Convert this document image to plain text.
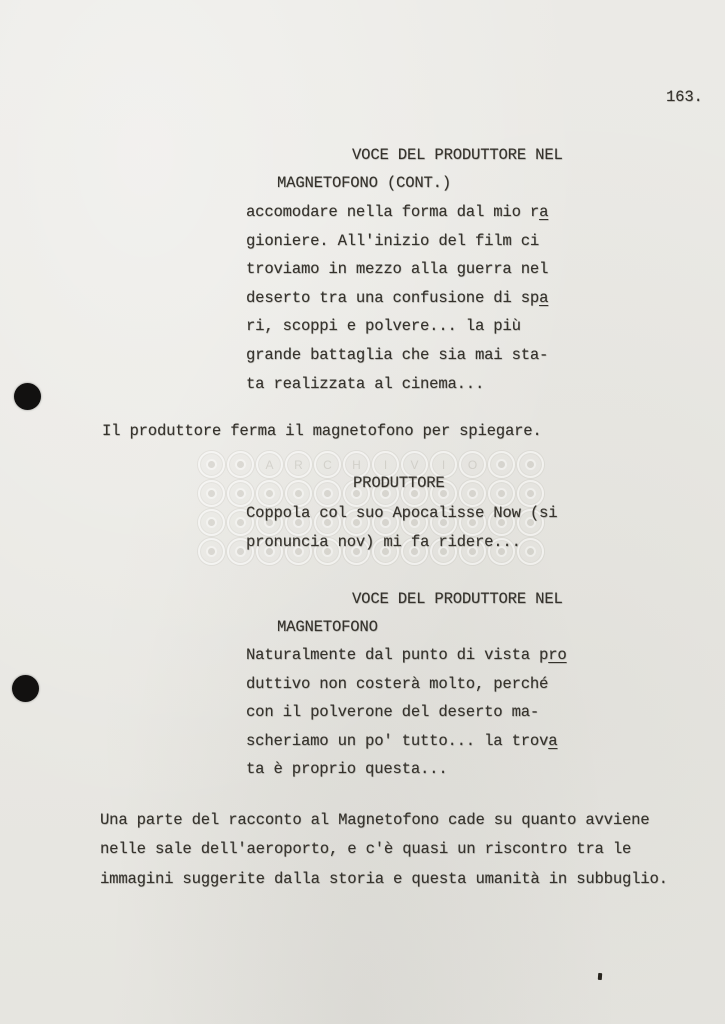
A	R	C	H	I	V	I	O
163.
VOCE DEL PRODUTTORE NEL
MAGNETOFONO (CONT.)
accomodare nella forma dal mio ra
gioniere. All'inizio del film ci
troviamo in mezzo alla guerra nel
deserto tra una confusione di spa
ri, scoppi e polvere... la più
grande battaglia che sia mai sta-
ta realizzata al cinema...
Il produttore ferma il magnetofono per spiegare.
PRODUTTORE
Coppola col suo Apocalisse Now (si
pronuncia nov) mi fa ridere...
VOCE DEL PRODUTTORE NEL
MAGNETOFONO
Naturalmente dal punto di vista pro
duttivo non costerà molto, perché
con il polverone del deserto ma-
scheriamo un po' tutto... la trova
ta è proprio questa...
Una parte del racconto al Magnetofono cade su quanto avviene
nelle sale dell'aeroporto, e c'è quasi un riscontro tra le
immagini suggerite dalla storia e questa umanità in subbuglio.
